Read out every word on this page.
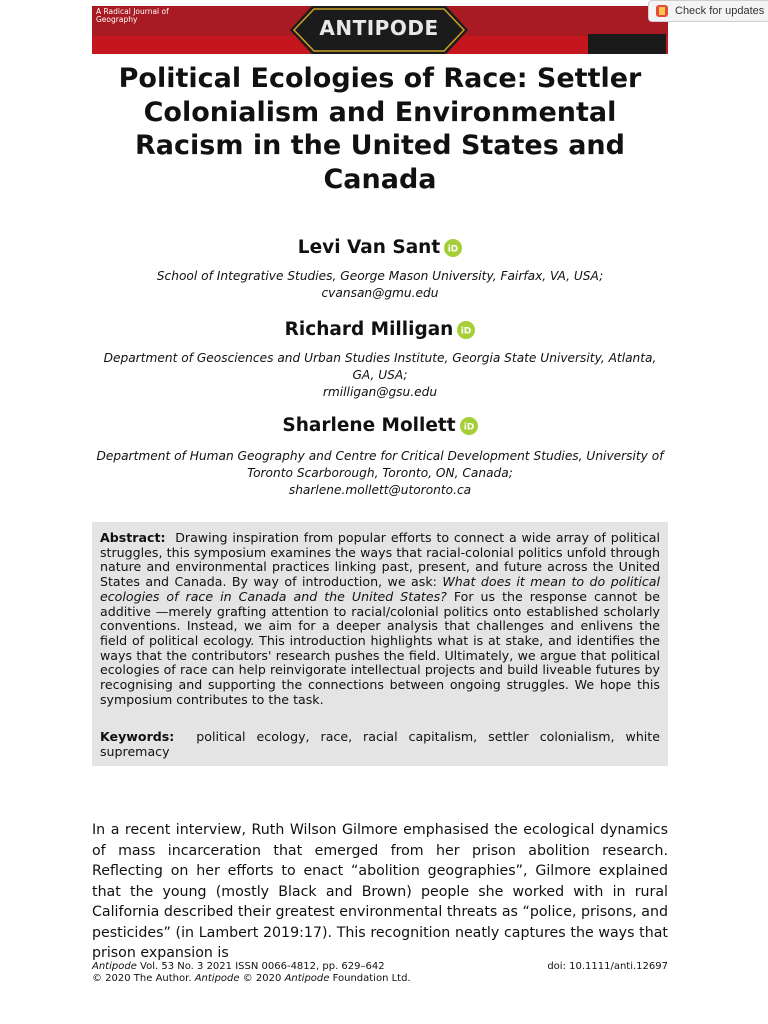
A Radical Journal of Geography	ANTIPODE
Check for updates
Political Ecologies of Race: Settler Colonialism and Environmental Racism in the United States and Canada
Levi Van Sant iD
School of Integrative Studies, George Mason University, Fairfax, VA, USA;
cvansan@gmu.edu
Richard Milligan iD
Department of Geosciences and Urban Studies Institute, Georgia State University, Atlanta, GA, USA;
rmilligan@gsu.edu
Sharlene Mollett iD
Department of Human Geography and Centre for Critical Development Studies, University of Toronto Scarborough, Toronto, ON, Canada;
sharlene.mollett@utoronto.ca
Abstract: Drawing inspiration from popular efforts to connect a wide array of political struggles, this symposium examines the ways that racial-colonial politics unfold through nature and environmental practices linking past, present, and future across the United States and Canada. By way of introduction, we ask: What does it mean to do political ecologies of race in Canada and the United States? For us the response cannot be additive —merely grafting attention to racial/colonial politics onto established scholarly conventions. Instead, we aim for a deeper analysis that challenges and enlivens the field of political ecology. This introduction highlights what is at stake, and identifies the ways that the contributors' research pushes the field. Ultimately, we argue that political ecologies of race can help reinvigorate intellectual projects and build liveable futures by recognising and supporting the connections between ongoing struggles. We hope this symposium contributes to the task.
Keywords: political ecology, race, racial capitalism, settler colonialism, white supremacy
In a recent interview, Ruth Wilson Gilmore emphasised the ecological dynamics of mass incarceration that emerged from her prison abolition research. Reflecting on her efforts to enact “abolition geographies”, Gilmore explained that the young (mostly Black and Brown) people she worked with in rural California described their greatest environmental threats as “police, prisons, and pesticides” (in Lambert 2019:17). This recognition neatly captures the ways that prison expansion is
Antipode Vol. 53 No. 3 2021 ISSN 0066-4812, pp. 629–642	doi: 10.1111/anti.12697
© 2020 The Author. Antipode © 2020 Antipode Foundation Ltd.
